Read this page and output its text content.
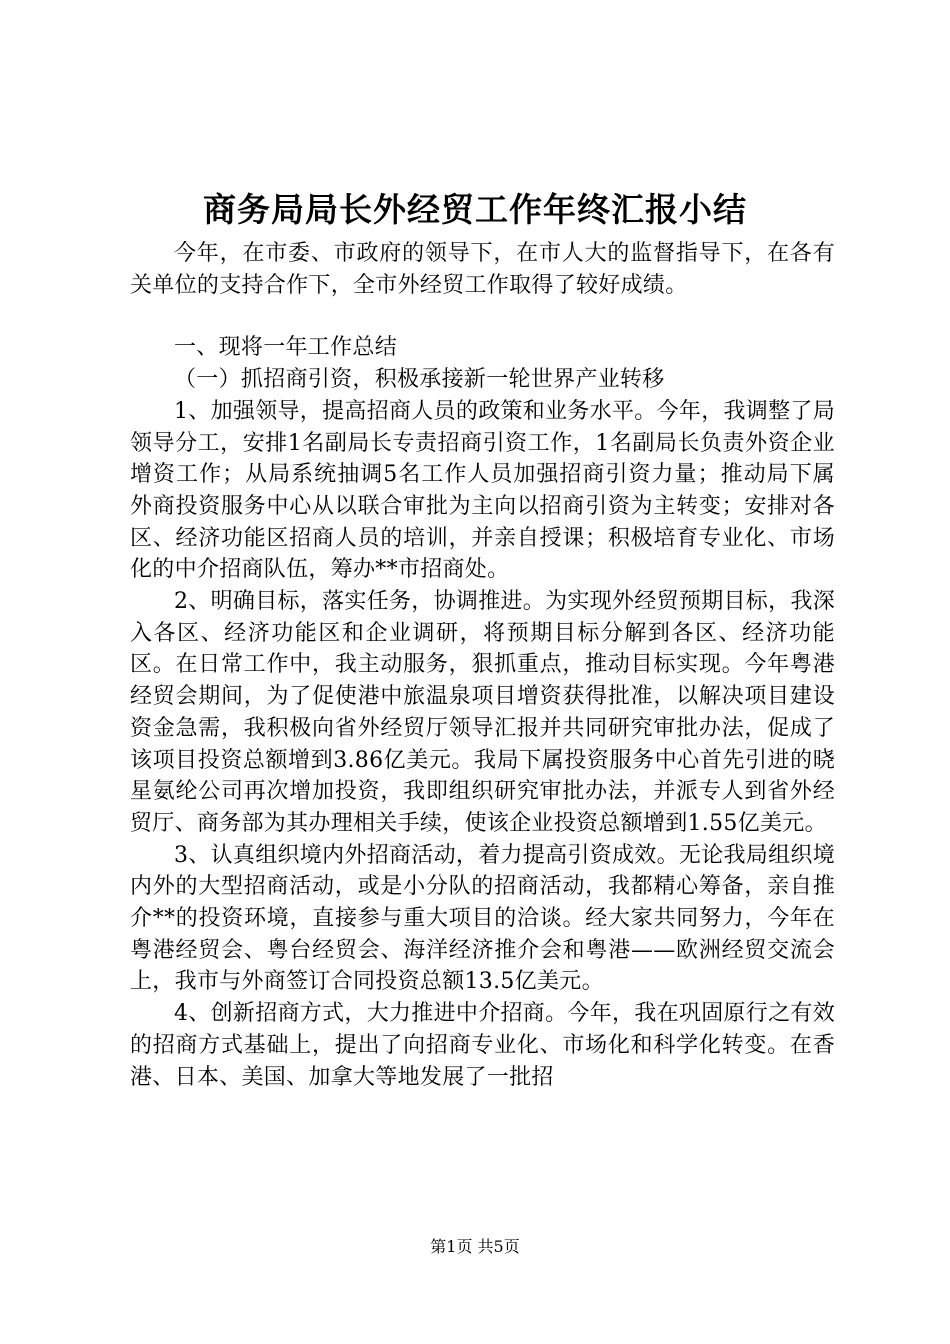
商务局局长外经贸工作年终汇报小结

今年，在市委、市政府的领导下，在市人大的监督指导下，在各有关单位的支持合作下，全市外经贸工作取得了较好成绩。

一、现将一年工作总结

（一）抓招商引资，积极承接新一轮世界产业转移

1、加强领导，提高招商人员的政策和业务水平。今年，我调整了局领导分工，安排1名副局长专责招商引资工作，1名副局长负责外资企业增资工作；从局系统抽调5名工作人员加强招商引资力量；推动局下属外商投资服务中心从以联合审批为主向以招商引资为主转变；安排对各区、经济功能区招商人员的培训，并亲自授课；积极培育专业化、市场化的中介招商队伍，筹办**市招商处。

2、明确目标，落实任务，协调推进。为实现外经贸预期目标，我深入各区、经济功能区和企业调研，将预期目标分解到各区、经济功能区。在日常工作中，我主动服务，狠抓重点，推动目标实现。今年粤港经贸会期间，为了促使港中旅温泉项目增资获得批准，以解决项目建设资金急需，我积极向省外经贸厅领导汇报并共同研究审批办法，促成了该项目投资总额增到3.86亿美元。我局下属投资服务中心首先引进的晓星氨纶公司再次增加投资，我即组织研究审批办法，并派专人到省外经贸厅、商务部为其办理相关手续，使该企业投资总额增到1.55亿美元。

3、认真组织境内外招商活动，着力提高引资成效。无论我局组织境内外的大型招商活动，或是小分队的招商活动，我都精心筹备，亲自推介**的投资环境，直接参与重大项目的洽谈。经大家共同努力，今年在粤港经贸会、粤台经贸会、海洋经济推介会和粤港——欧洲经贸交流会上，我市与外商签订合同投资总额13.5亿美元。

4、创新招商方式，大力推进中介招商。今年，我在巩固原行之有效的招商方式基础上，提出了向招商专业化、市场化和科学化转变。在香港、日本、美国、加拿大等地发展了一批招

第1页 共5页
